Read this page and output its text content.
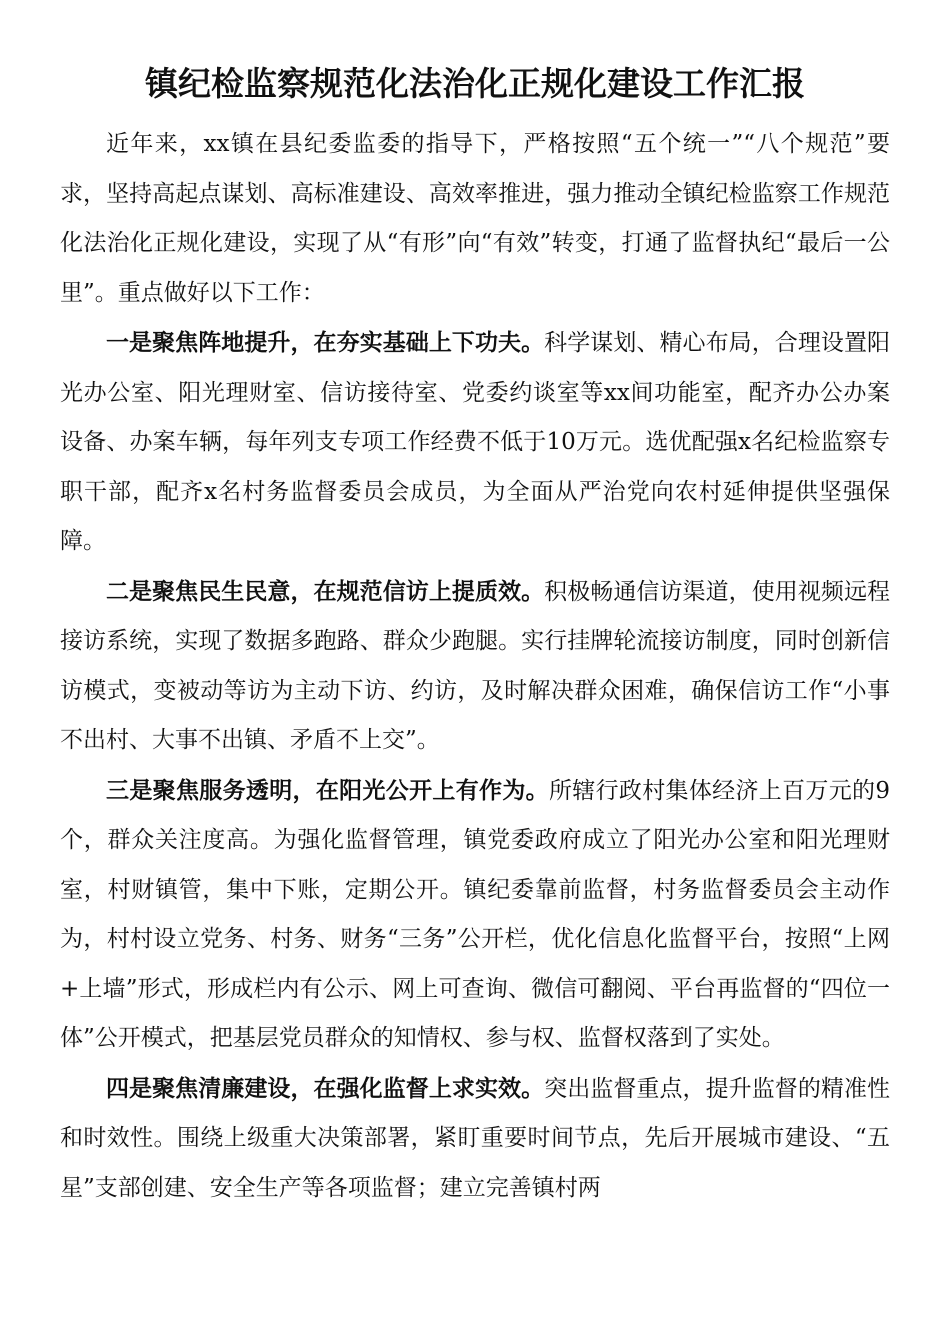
镇纪检监察规范化法治化正规化建设工作汇报

近年来，xx镇在县纪委监委的指导下，严格按照“五个统一”“八个规范”要求，坚持高起点谋划、高标准建设、高效率推进，强力推动全镇纪检监察工作规范化法治化正规化建设，实现了从“有形”向“有效”转变，打通了监督执纪“最后一公里”。重点做好以下工作：

一是聚焦阵地提升，在夯实基础上下功夫。科学谋划、精心布局，合理设置阳光办公室、阳光理财室、信访接待室、党委约谈室等xx间功能室，配齐办公办案设备、办案车辆，每年列支专项工作经费不低于10万元。选优配强x名纪检监察专职干部，配齐x名村务监督委员会成员，为全面从严治党向农村延伸提供坚强保障。

二是聚焦民生民意，在规范信访上提质效。积极畅通信访渠道，使用视频远程接访系统，实现了数据多跑路、群众少跑腿。实行挂牌轮流接访制度，同时创新信访模式，变被动等访为主动下访、约访，及时解决群众困难，确保信访工作“小事不出村、大事不出镇、矛盾不上交”。

三是聚焦服务透明，在阳光公开上有作为。所辖行政村集体经济上百万元的9个，群众关注度高。为强化监督管理，镇党委政府成立了阳光办公室和阳光理财室，村财镇管，集中下账，定期公开。镇纪委靠前监督，村务监督委员会主动作为，村村设立党务、村务、财务“三务”公开栏，优化信息化监督平台，按照“上网+上墙”形式，形成栏内有公示、网上可查询、微信可翻阅、平台再监督的“四位一体”公开模式，把基层党员群众的知情权、参与权、监督权落到了实处。

四是聚焦清廉建设，在强化监督上求实效。突出监督重点，提升监督的精准性和时效性。围绕上级重大决策部署，紧盯重要时间节点，先后开展城市建设、“五星”支部创建、安全生产等各项监督；建立完善镇村两
